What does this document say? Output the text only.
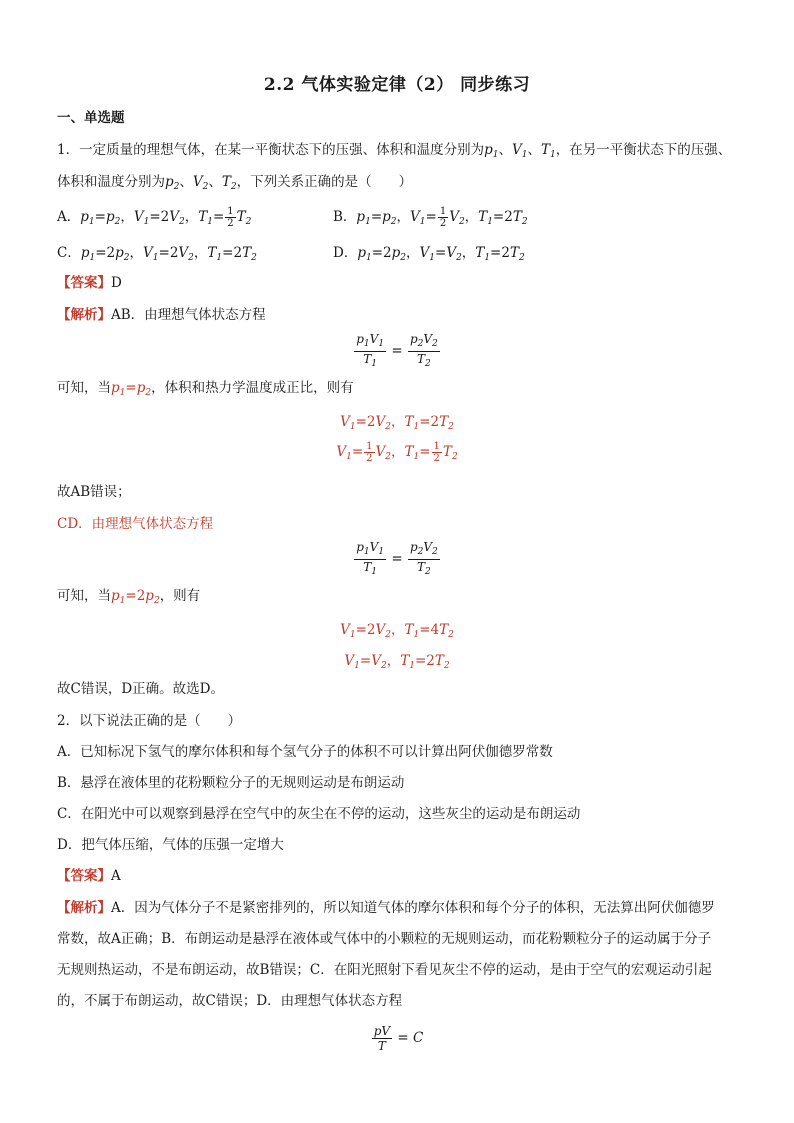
2.2 气体实验定律（2） 同步练习
一、单选题
1．一定质量的理想气体，在某一平衡状态下的压强、体积和温度分别为$p_1$、$V_1$、$T_1$，在另一平衡状态下的压强、
体积和温度分别为$p_2$、$V_2$、$T_2$，下列关系正确的是（　　）
A．$p_1=p_2$，$V_1=2V_2$，$T_1= \frac{1}{2} T_2$	B．$p_1=p_2$，$V_1= \frac{1}{2} V_2$，$T_1=2T_2$
C．$p_1=2p_2$，$V_1=2V_2$，$T_1=2T_2$	D．$p_1=2p_2$，$V_1=V_2$，$T_1=2T_2$
【答案】D
【解析】AB．由理想气体状态方程
$\frac{p_1V_1}{T_1} = \frac{p_2V_2}{T_2}$
可知，当$p_1=p_2$，体积和热力学温度成正比，则有
$V_1=2V_2$，$T_1=2T_2$
$V_1= \frac{1}{2} V_2$，$T_1= \frac{1}{2} T_2$
故AB错误；
CD．由理想气体状态方程
$\frac{p_1V_1}{T_1} = \frac{p_2V_2}{T_2}$
可知，当$p_1=2p_2$，则有
$V_1=2V_2$，$T_1=4T_2$
$V_1=V_2$，$T_1=2T_2$
故C错误，D正确。故选D。
2．以下说法正确的是（　　）
A．已知标况下氢气的摩尔体积和每个氢气分子的体积不可以计算出阿伏伽德罗常数
B．悬浮在液体里的花粉颗粒分子的无规则运动是布朗运动
C．在阳光中可以观察到悬浮在空气中的灰尘在不停的运动，这些灰尘的运动是布朗运动
D．把气体压缩，气体的压强一定增大
【答案】A
【解析】A．因为气体分子不是紧密排列的，所以知道气体的摩尔体积和每个分子的体积，无法算出阿伏伽德罗
常数，故A正确；B．布朗运动是悬浮在液体或气体中的小颗粒的无规则运动，而花粉颗粒分子的运动属于分子
无规则热运动，不是布朗运动，故B错误；C．在阳光照射下看见灰尘不停的运动，是由于空气的宏观运动引起
的，不属于布朗运动，故C错误；D．由理想气体状态方程
$\frac{pV}{T} = C$
